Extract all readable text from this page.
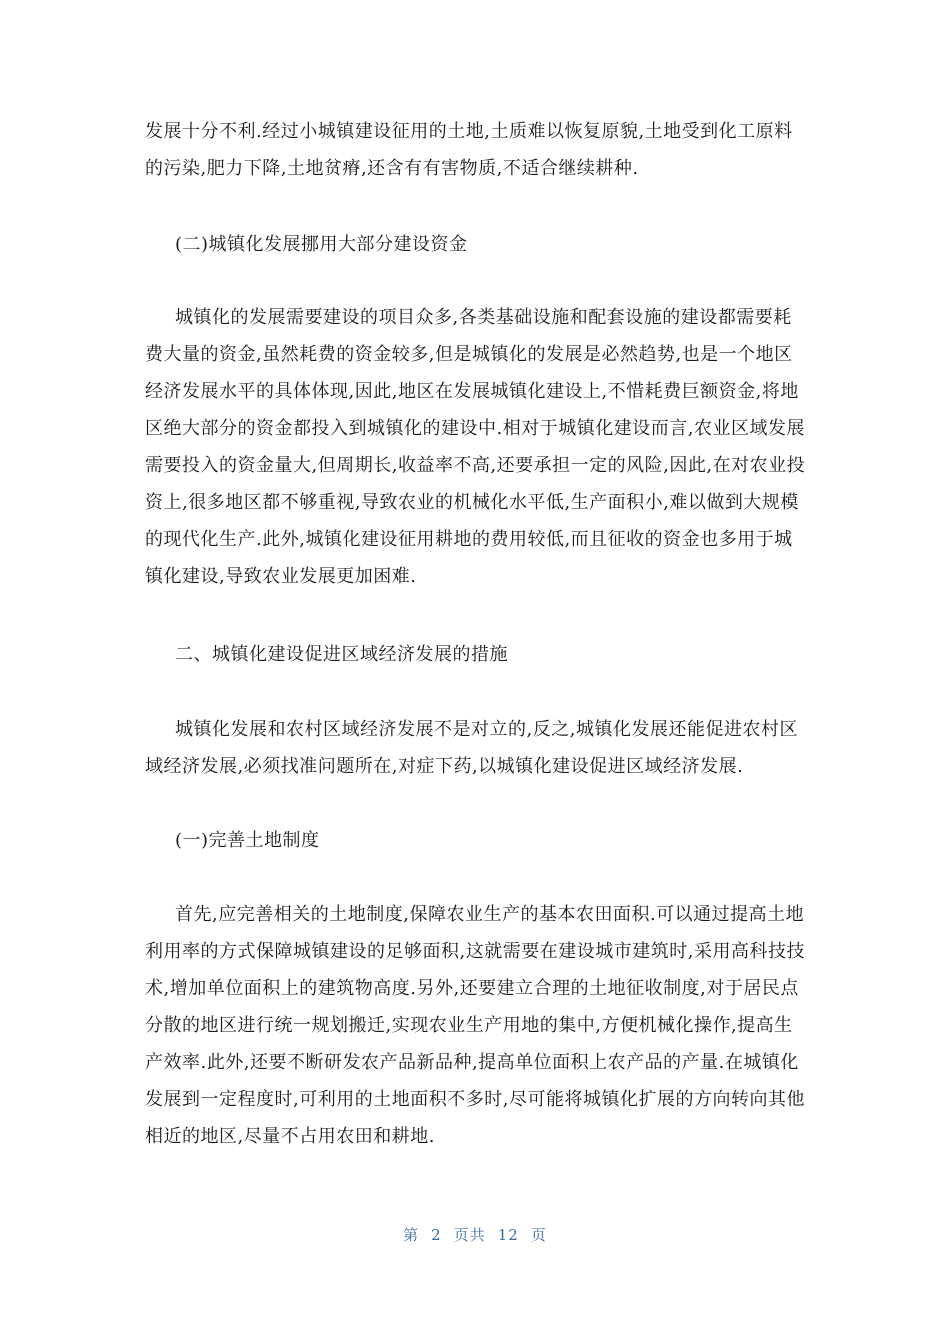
发展十分不利.经过小城镇建设征用的土地,土质难以恢复原貌,土地受到化工原料的污染,肥力下降,土地贫瘠,还含有有害物质,不适合继续耕种.

(二)城镇化发展挪用大部分建设资金

城镇化的发展需要建设的项目众多,各类基础设施和配套设施的建设都需要耗费大量的资金,虽然耗费的资金较多,但是城镇化的发展是必然趋势,也是一个地区经济发展水平的具体体现,因此,地区在发展城镇化建设上,不惜耗费巨额资金,将地区绝大部分的资金都投入到城镇化的建设中.相对于城镇化建设而言,农业区域发展需要投入的资金量大,但周期长,收益率不高,还要承担一定的风险,因此,在对农业投资上,很多地区都不够重视,导致农业的机械化水平低,生产面积小,难以做到大规模的现代化生产.此外,城镇化建设征用耕地的费用较低,而且征收的资金也多用于城镇化建设,导致农业发展更加困难.

二、城镇化建设促进区域经济发展的措施

城镇化发展和农村区域经济发展不是对立的,反之,城镇化发展还能促进农村区域经济发展,必须找准问题所在,对症下药,以城镇化建设促进区域经济发展.

(一)完善土地制度

首先,应完善相关的土地制度,保障农业生产的基本农田面积.可以通过提高土地利用率的方式保障城镇建设的足够面积,这就需要在建设城市建筑时,采用高科技技术,增加单位面积上的建筑物高度.另外,还要建立合理的土地征收制度,对于居民点分散的地区进行统一规划搬迁,实现农业生产用地的集中,方便机械化操作,提高生产效率.此外,还要不断研发农产品新品种,提高单位面积上农产品的产量.在城镇化发展到一定程度时,可利用的土地面积不多时,尽可能将城镇化扩展的方向转向其他相近的地区,尽量不占用农田和耕地.

第 2 页共 12 页
